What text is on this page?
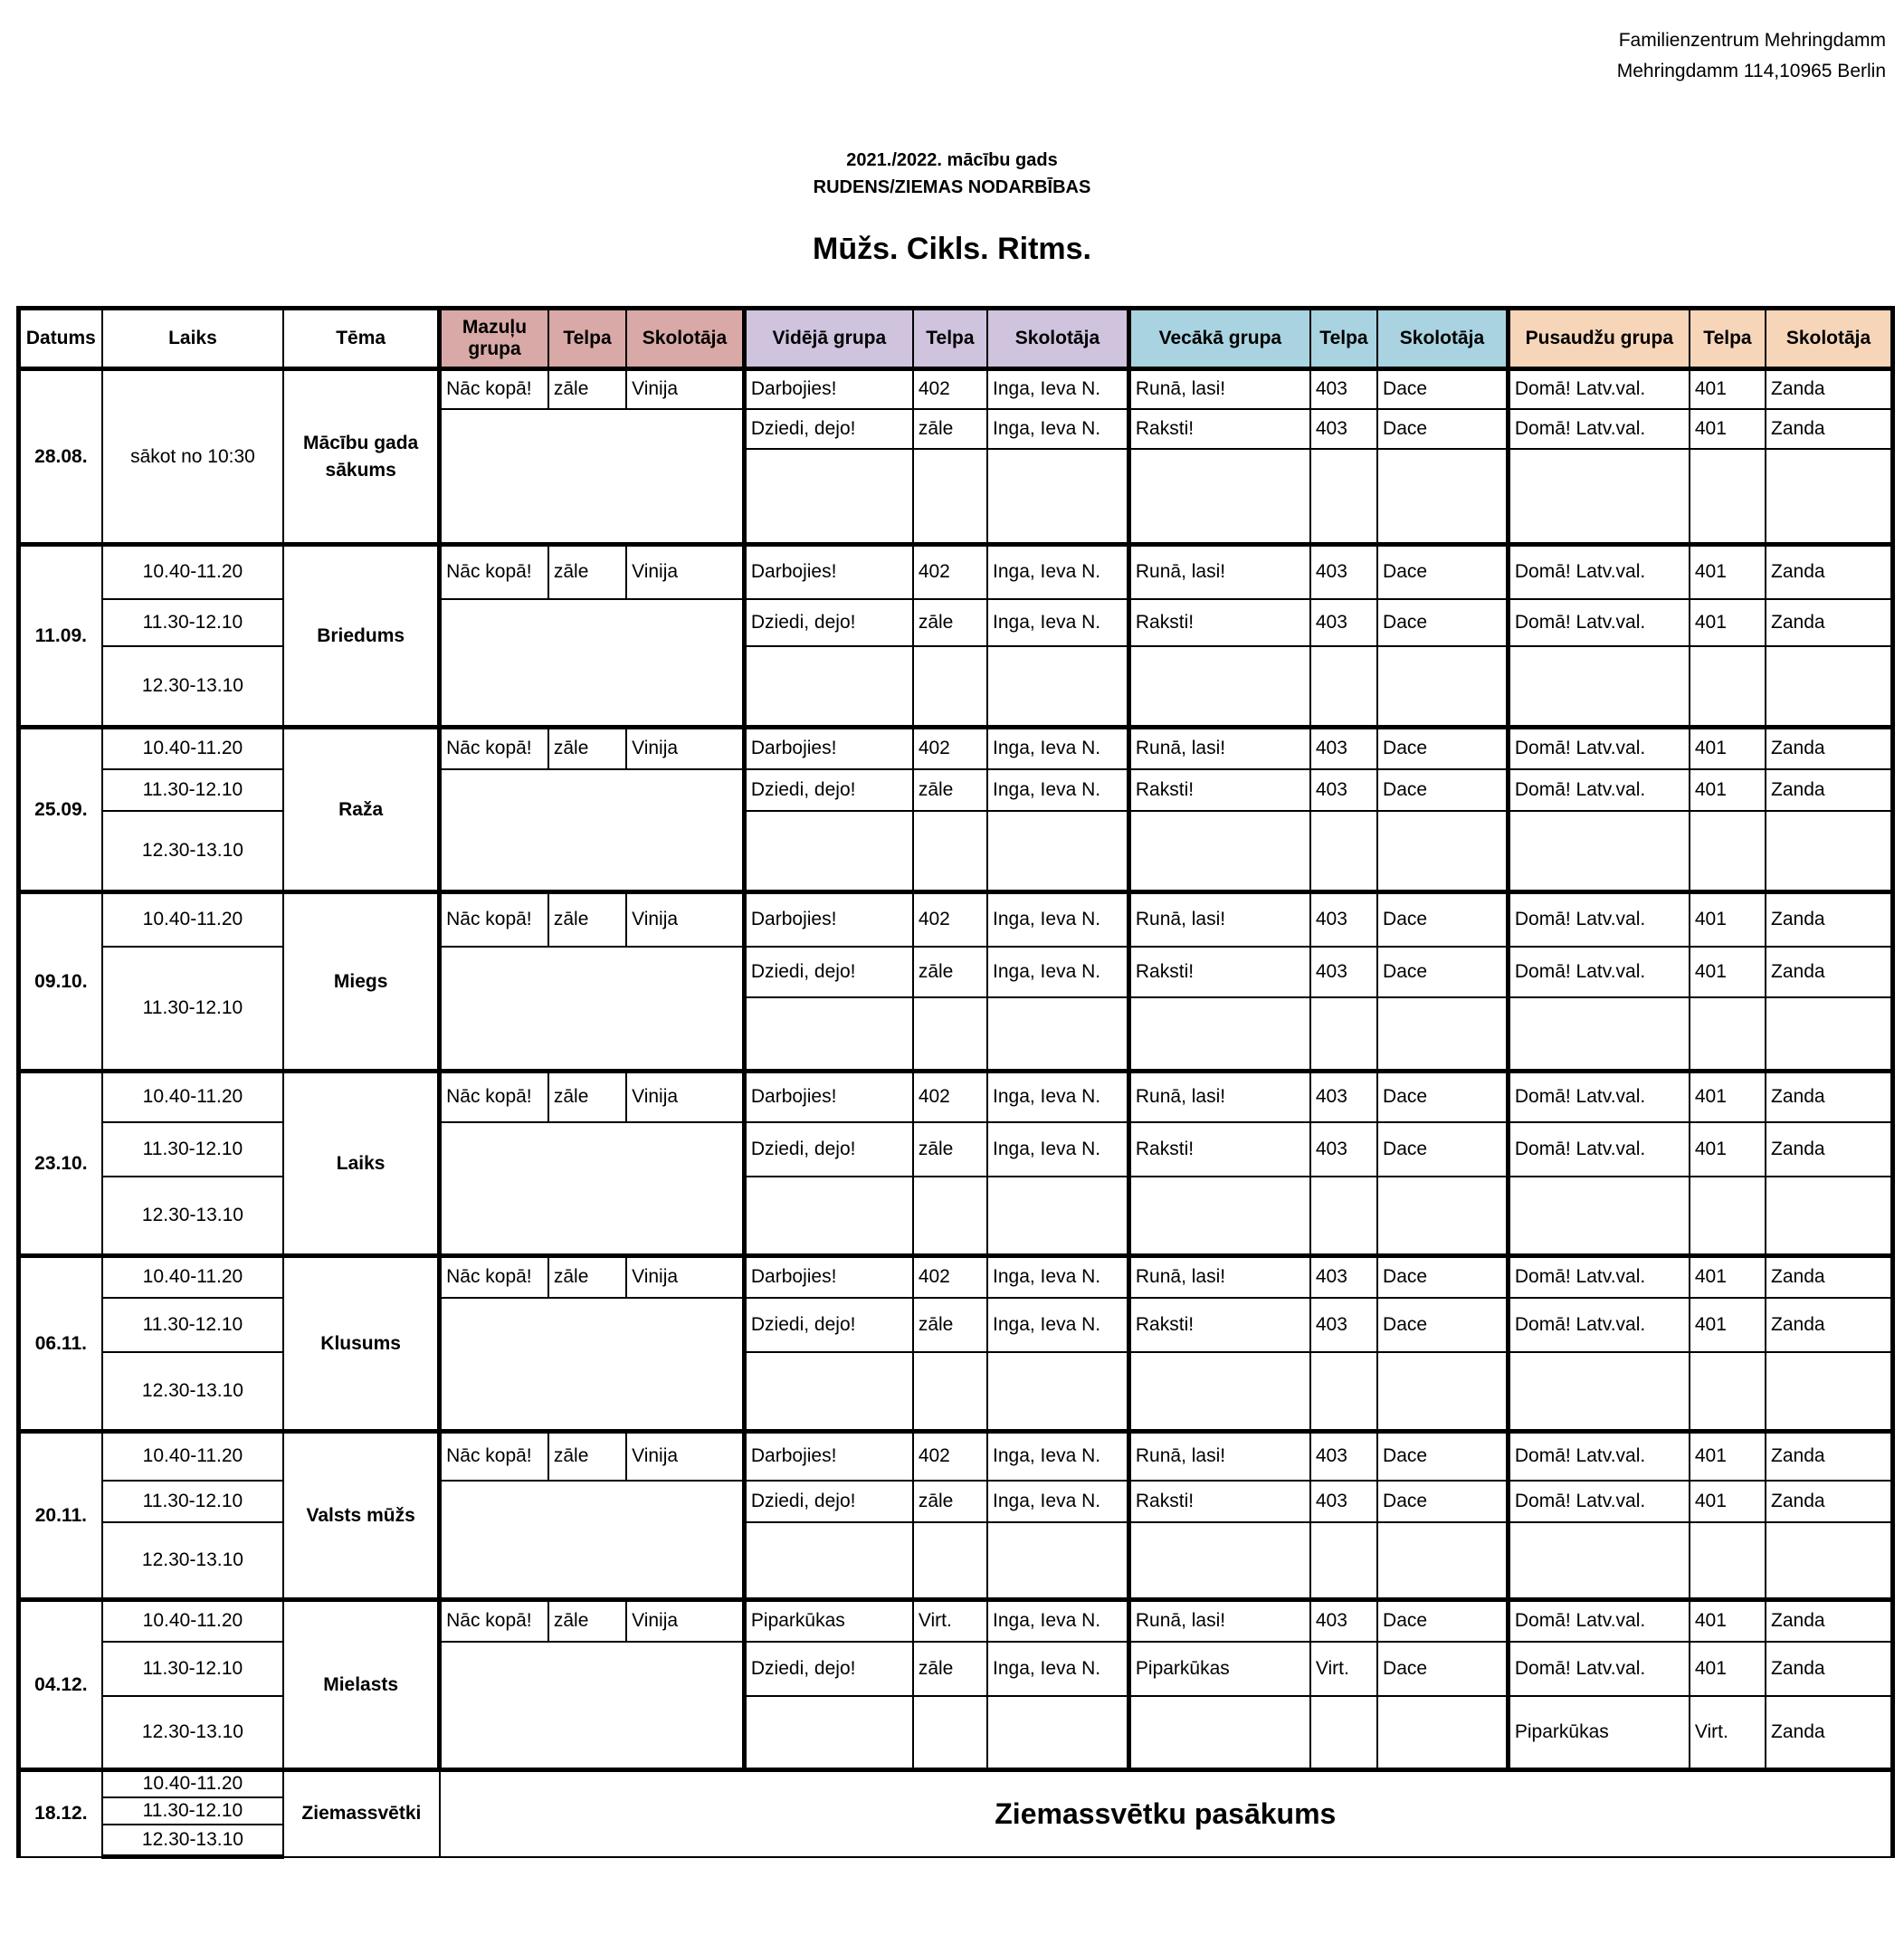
Familienzentrum Mehringdamm
Mehringdamm 114,10965 Berlin
2021./2022. mācību gads
RUDENS/ZIEMAS NODARBĪBAS
Mūžs. Cikls. Ritms.
Datums	Laiks	Tēma	Mazuļu grupa	Telpa	Skolotāja	Vidējā grupa	Telpa	Skolotāja	Vecākā grupa	Telpa	Skolotāja	Pusaudžu grupa	Telpa	Skolotāja
28.08.	sākot no 10:30	Mācību gada sākums	Nāc kopā!	zāle	Vinija	Darbojies!	402	Inga, Ieva N.	Runā, lasi!	403	Dace	Domā! Latv.val.	401	Zanda
						Dziedi, dejo!	zāle	Inga, Ieva N.	Raksti!	403	Dace	Domā! Latv.val.	401	Zanda

11.09.	10.40-11.20	Briedums	Nāc kopā!	zāle	Vinija	Darbojies!	402	Inga, Ieva N.	Runā, lasi!	403	Dace	Domā! Latv.val.	401	Zanda
	11.30-12.10					Dziedi, dejo!	zāle	Inga, Ieva N.	Raksti!	403	Dace	Domā! Latv.val.	401	Zanda
	12.30-13.10													
25.09.	10.40-11.20	Raža	Nāc kopā!	zāle	Vinija	Darbojies!	402	Inga, Ieva N.	Runā, lasi!	403	Dace	Domā! Latv.val.	401	Zanda
	11.30-12.10					Dziedi, dejo!	zāle	Inga, Ieva N.	Raksti!	403	Dace	Domā! Latv.val.	401	Zanda
	12.30-13.10													
09.10.	10.40-11.20	Miegs	Nāc kopā!	zāle	Vinija	Darbojies!	402	Inga, Ieva N.	Runā, lasi!	403	Dace	Domā! Latv.val.	401	Zanda
	11.30-12.10					Dziedi, dejo!	zāle	Inga, Ieva N.	Raksti!	403	Dace	Domā! Latv.val.	401	Zanda

23.10.	10.40-11.20	Laiks	Nāc kopā!	zāle	Vinija	Darbojies!	402	Inga, Ieva N.	Runā, lasi!	403	Dace	Domā! Latv.val.	401	Zanda
	11.30-12.10					Dziedi, dejo!	zāle	Inga, Ieva N.	Raksti!	403	Dace	Domā! Latv.val.	401	Zanda
	12.30-13.10													
06.11.	10.40-11.20	Klusums	Nāc kopā!	zāle	Vinija	Darbojies!	402	Inga, Ieva N.	Runā, lasi!	403	Dace	Domā! Latv.val.	401	Zanda
	11.30-12.10					Dziedi, dejo!	zāle	Inga, Ieva N.	Raksti!	403	Dace	Domā! Latv.val.	401	Zanda
	12.30-13.10													
20.11.	10.40-11.20	Valsts mūžs	Nāc kopā!	zāle	Vinija	Darbojies!	402	Inga, Ieva N.	Runā, lasi!	403	Dace	Domā! Latv.val.	401	Zanda
	11.30-12.10					Dziedi, dejo!	zāle	Inga, Ieva N.	Raksti!	403	Dace	Domā! Latv.val.	401	Zanda
	12.30-13.10													
04.12.	10.40-11.20	Mielasts	Nāc kopā!	zāle	Vinija	Piparkūkas	Virt.	Inga, Ieva N.	Runā, lasi!	403	Dace	Domā! Latv.val.	401	Zanda
	11.30-12.10					Dziedi, dejo!	zāle	Inga, Ieva N.	Piparkūkas	Virt.	Dace	Domā! Latv.val.	401	Zanda
	12.30-13.10											Piparkūkas	Virt.	Zanda
18.12.	10.40-11.20	Ziemassvētki	Ziemassvētku pasākums											
	11.30-12.10													
	12.30-13.10													
